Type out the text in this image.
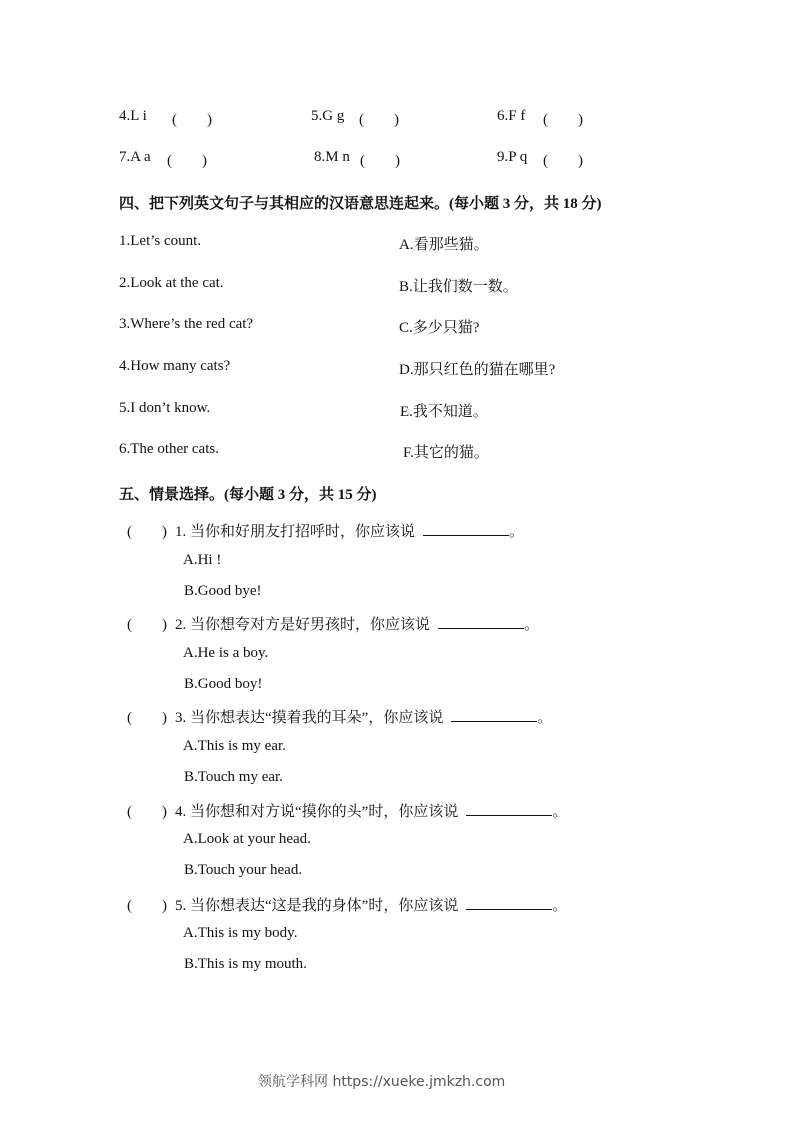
4.L i (　　)	5.G g (　　)	6.F f (　　)
7.A a (　　)	8.M n (　　)	9.P q (　　)
四、把下列英文句子与其相应的汉语意思连起来。(每小题 3 分，共 18 分)
1.Let’s count.	A.看那些猫。
2.Look at the cat.	B.让我们数一数。
3.Where’s the red cat?	C.多少只猫?
4.How many cats?	D.那只红色的猫在哪里?
5.I don’t know.	E.我不知道。
6.The other cats.	F.其它的猫。
五、情景选择。(每小题 3 分，共 15 分)
(　　) 1. 当你和好朋友打招呼时，你应该说	。
A.Hi !
B.Good bye!
(　　) 2. 当你想夸对方是好男孩时，你应该说	。
A.He is a boy.
B.Good boy!
(　　) 3. 当你想表达“摸着我的耳朵”，你应该说	。
A.This is my ear.
B.Touch my ear.
(　　) 4. 当你想和对方说“摸你的头”时，你应该说	。
A.Look at your head.
B.Touch your head.
(　　) 5. 当你想表达“这是我的身体”时，你应该说	。
A.This is my body.
B.This is my mouth.
领航学科网 https://xueke.jmkzh.com
